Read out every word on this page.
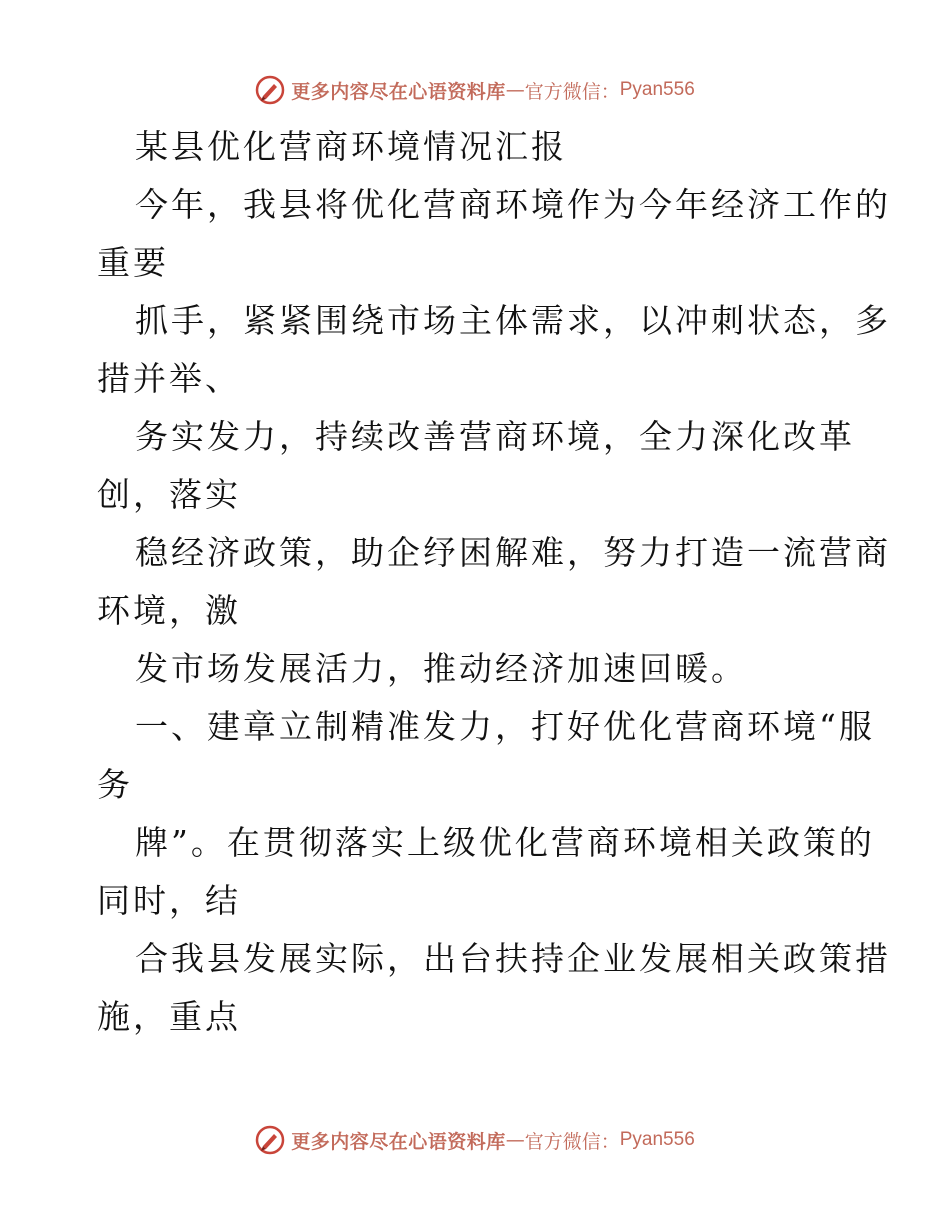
更多内容尽在心语资料库 — 官方微信： Pyan556
某县优化营商环境情况汇报
今年，我县将优化营商环境作为今年经济工作的
重要
抓手，紧紧围绕市场主体需求，以冲刺状态，多
措并举、
务实发力，持续改善营商环境，全力深化改革
创，落实
稳经济政策，助企纾困解难，努力打造一流营商
环境，激
发市场发展活力，推动经济加速回暖。
一、建章立制精准发力，打好优化营商环境“服
务
牌”。在贯彻落实上级优化营商环境相关政策的
同时，结
合我县发展实际，出台扶持企业发展相关政策措
施，重点
更多内容尽在心语资料库 — 官方微信： Pyan556
